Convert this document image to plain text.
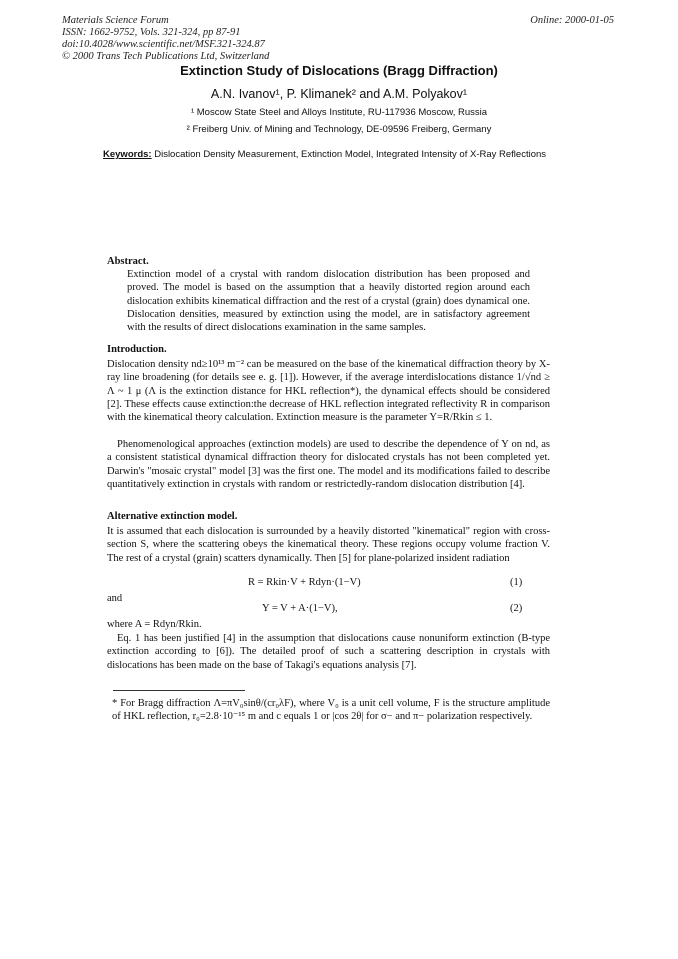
Materials Science Forum
ISSN: 1662-9752, Vols. 321-324, pp 87-91
doi:10.4028/www.scientific.net/MSF.321-324.87
© 2000 Trans Tech Publications Ltd, Switzerland
Online: 2000-01-05
Extinction Study of Dislocations (Bragg Diffraction)
A.N. Ivanov¹, P. Klimanek² and A.M. Polyakov¹
¹ Moscow State Steel and Alloys Institute, RU-117936 Moscow, Russia
² Freiberg Univ. of Mining and Technology, DE-09596 Freiberg, Germany
Keywords: Dislocation Density Measurement, Extinction Model, Integrated Intensity of X-Ray Reflections
Abstract.

Extinction model of a crystal with random dislocation distribution has been proposed and proved. The model is based on the assumption that a heavily distorted region around each dislocation exhibits kinematical diffraction and the rest of a crystal (grain) does dynamical one. Dislocation densities, measured by extinction using the model, are in satisfactory agreement with the results of direct dislocations examination in the same samples.

Introduction.

Dislocation density nd≥10¹³ m⁻² can be measured on the base of the kinematical diffraction theory by X-ray line broadening (for details see e. g. [1]). However, if the average interdislocations distance 1/√nd ≥ Λ ~ 1 μ (Λ is the extinction distance for HKL reflection*), the dynamical effects should be considered [2]. These effects cause extinction:the decrease of HKL reflection integrated reflectivity R in comparison with the kinematical theory calculation. Extinction measure is the parameter Y=R/Rkin ≤ 1.

Phenomenological approaches (extinction models) are used to describe the dependence of Y on nd, as a consistent statistical dynamical diffraction theory for dislocated crystals has not been completed yet. Darwin's "mosaic crystal" model [3] was the first one. The model and its modifications failed to describe quantitatively extinction in crystals with random or restrictedly-random dislocation distribution [4].

Alternative extinction model.

It is assumed that each dislocation is surrounded by a heavily distorted "kinematical" region with cross-section S, where the scattering obeys the kinematical theory. These regions occupy volume fraction V. The rest of a crystal (grain) scatters dynamically. Then [5] for plane-polarized insident radiation

R = Rkin·V + Rdyn·(1−V)	(1)
and
Y = V + A·(1−V),	(2)
where A = Rdyn/Rkin.

Eq. 1 has been justified [4] in the assumption that dislocations cause nonuniform extinction (B-type extinction according to [6]). The detailed proof of such a scattering description in crystals with dislocations has been made on the base of Takagi's equations analysis [7].

* For Bragg diffraction Λ=πV₀sinθ/(cr₀λF), where V₀ is a unit cell volume, F is the structure amplitude of HKL reflection, r₀=2.8·10⁻¹⁵ m and c equals 1 or |cos 2θ| for σ− and π− polarization respectively.
